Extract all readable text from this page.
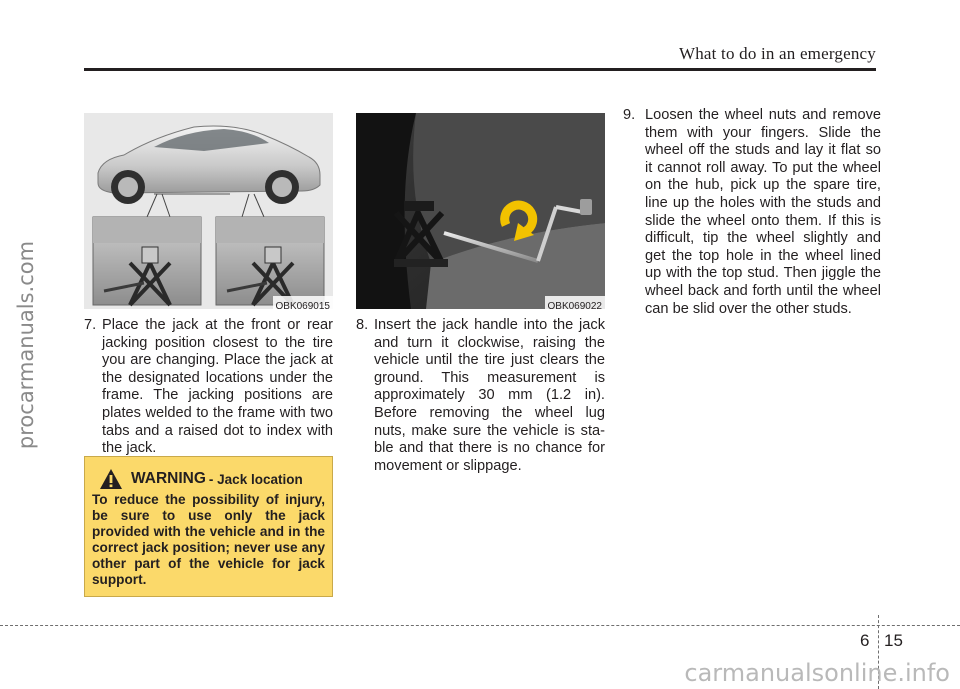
What to do in an emergency
procarmanuals.com	OBK069015	OBK069022
7. Place the jack at the front or rear jacking position closest to the tire you are changing. Place the jack at the designated locations under the frame. The jacking positions are plates welded to the frame with two tabs and a raised dot to index with the jack.
WARNING - Jack location
To reduce the possibility of injury, be sure to use only the jack provided with the vehicle and in the correct jack position; never use any other part of the vehicle for jack support.
8. Insert the jack handle into the jack and turn it clockwise, raising the vehicle until the tire just clears the ground. This measurement is approximately 30 mm (1.2 in). Before removing the wheel lug nuts, make sure the vehicle is sta-ble and that there is no chance for movement or slippage.
9. Loosen the wheel nuts and remove them with your fingers. Slide the wheel off the studs and lay it flat so it cannot roll away. To put the wheel on the hub, pick up the spare tire, line up the holes with the studs and slide the wheel onto them. If this is difficult, tip the wheel slightly and get the top hole in the wheel lined up with the top stud. Then jiggle the wheel back and forth until the wheel can be slid over the other studs.
6 15
carmanualsonline.info
